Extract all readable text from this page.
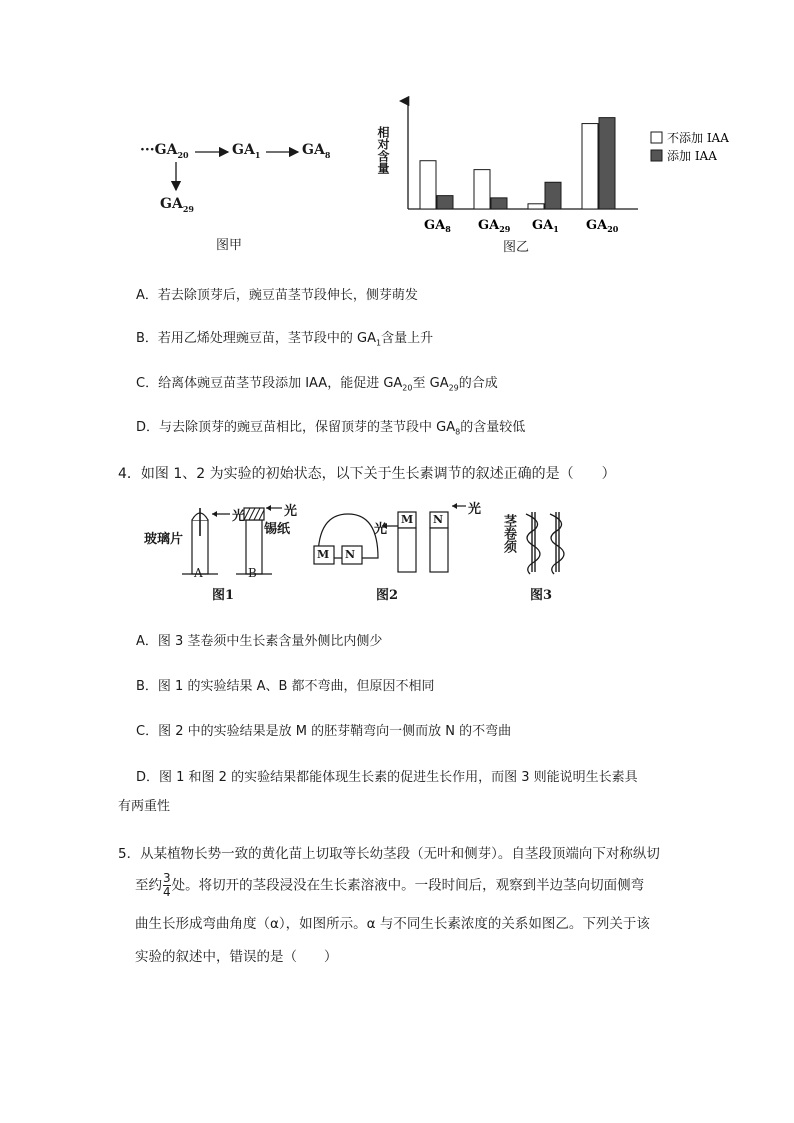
$\cdot\cdot\cdot GA_{20}$	$GA_1$	$GA_8$
$GA_{29}$
图甲
$GA_8$ $GA_{29}$ $GA_1$ $GA_{20}$
不添加 IAA
添加 IAA
相对含量
图乙
A．若去除顶芽后，豌豆苗茎节段伸长，侧芽萌发
B．若用乙烯处理豌豆苗，茎节段中的 $GA_1$含量上升
C．给离体豌豆苗茎节段添加 IAA，能促进 $GA_{20}$至 $GA_{29}$的合成
D．与去除顶芽的豌豆苗相比，保留顶芽的茎节段中 $GA_8$的含量较低
4．如图 1、2 为实验的初始状态，以下关于生长素调节的叙述正确的是（　　）
玻璃片
光
锡纸
光
A	B
图1
M N
M N
光
光
图2
茎卷须
图3
A．图 3 茎卷须中生长素含量外侧比内侧少
B．图 1 的实验结果 A、B 都不弯曲，但原因不相同
C．图 2 中的实验结果是放 M 的胚芽鞘弯向一侧而放 N 的不弯曲
D．图 1 和图 2 的实验结果都能体现生长素的促进生长作用，而图 3 则能说明生长素具
有两重性
5．从某植物长势一致的黄化苗上切取等长幼茎段（无叶和侧芽）。自茎段顶端向下对称纵切
至约 $\frac{3}{4}$ 处。将切开的茎段浸没在生长素溶液中。一段时间后，观察到半边茎向切面侧弯
曲生长形成弯曲角度（α），如图所示。α 与不同生长素浓度的关系如图乙。下列关于该
实验的叙述中，错误的是（　　）
